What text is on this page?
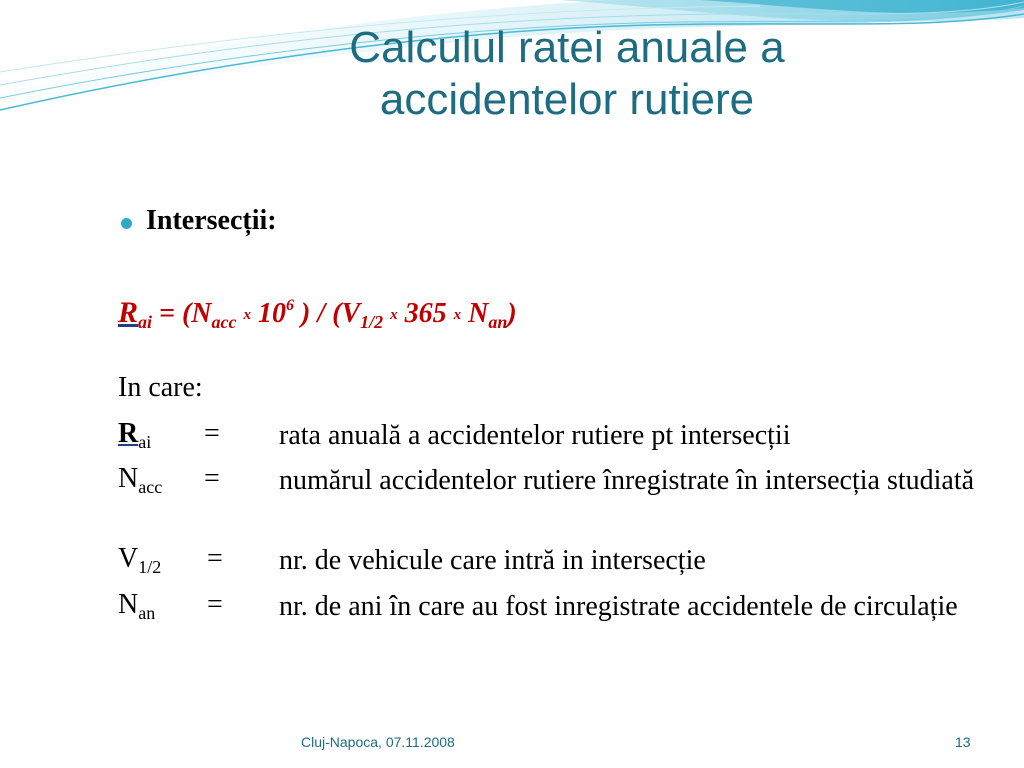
Calculul ratei anuale a
accidentelor rutiere
Intersecții:
$R_{ai} = (N_{acc}$ x $10^6$ ) / ($V_{1/2}$ x 365 x $N_{an}$)
In care:
$R_{ai}$ = rata anuală a accidentelor rutiere pt intersecții
$N_{acc}$ = numărul accidentelor rutiere înregistrate în intersecția studiată
$V_{1/2}$ = nr. de vehicule care intră in intersecție
$N_{an}$ = nr. de ani în care au fost inregistrate accidentele de circulație
Cluj-Napoca, 07.11.2008	13
